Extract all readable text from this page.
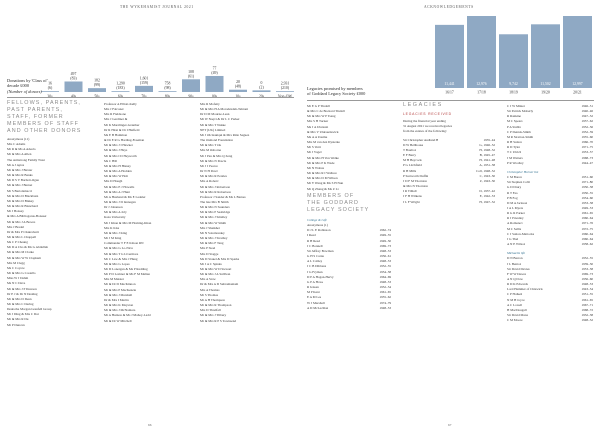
THE WYKEHAMIST JOURNAL 2021
16
(6)
30s
497
(83)
40s
182
(99)
50s
1,290
(183)
60s
1,601
(159)
70s
758
(98)
80s
108
(61)
90s
77
(49)
00s
20
(48)
10s
0
(2)
20s
2,931
(210)
Non-OW
Donations by 'Class of'
decade £000
(Number of donors)
FELLOWS, PARENTS,
PAST PARENTS,
STAFF, FORMER
MEMBERS OF STAFF
AND OTHER DONORS
Anonymous (11)
Mrs C Adams
Mr R & Ms A Adeola
Mr & Mrs A Allen
The Armstrong Family Trust
Mr A J Ayres
Mr & Mrs J Baxter
Mr & Mrs R Banks
Mr D S V Bartlett-Ogan
Mr & Mrs J Bernet
Mr S Bertolamacci
Mr & Mrs D Blackburn
Mr & Mrs D Blakey
Mr & Mrs R Blanchard
Mr J Bonsey
& Mrs A Bibliogarus-Bonaser
Mr & Mrs J A Bowes
Mrs J Bradel
Dr & Mrs P Chakrabarti
Mr & Mrs L Chappell
Ms C P Cheung
Mr D A Cho & Ms G Abdullah
Mr & Mrs M Clarke
Mr & Mrs W W Clapham
Mrs M Clegg
Ms C Coyote
Mr & Mrs G Costello
Miss W J Dahm
Ms N C Dave
Mr & Mrs J P Dawson
Dr E J & Dr N Dealing
Mr & Mrs D Dean
Mr & Mrs C Dering
Deutsche Morgan Grenfell Group
Mr J Ding & Mrs C Dai
Mr & Mrs R Du
Mr P Duncan
Professor A Elliott-Kelly
Mrs J Falconer
Mrs R Fieldsone
Mrs J Gardiner &
Mr K Marzlinger-Grauther
Dr R Hirai & Dr I Hatfield
Ms E B Hammon
& Dr E R G Harding-Freeman
Mr & Mrs J I Hawker
Mr & Mrs J Hays
Mr & Mrs I D Heyworth
Ms C Hill
Mr & Mrs H Hisnay
Mr & Mrs A Hodden
Mr & Mrs W Holt
Mrs D Hough
Mr & Mrs E J Howells
Mr & Mrs A J Hunt
Mr A Husband & Ms E Ladeler
Mr & Mrs J D Iannagan
Dr J Johanson
Mr & Mrs A Joly
Kaza University
Mr J Khan & Mrs M Homing-Khan
Mrs K Kiss
Mr & Mrs J King
Mr J M King
Commander T F E Kitson RN
Mr & Mrs G Lo-Nicu
Mr & Mrs T G Livermore
Mr C Law & Mrs J Hung
Mr & Mrs G Lopes
Mr D Lonergan & Ms P Redding
Mr P D Lomnot & Ms F M Malian
Mrs M Maister
Mr & Dr D MacKinnon
Mr & Mrs P MacKenzie
Mr & Mrs J Marshall
Dr & Mrs I Martin
Mr & Mrs K Mayston
Mr & Mrs J McNamara
Mr A Hudson & Ms J Mahoy-Ladd
Mr & Dr W Mitchell
Mrs R Mofetty
Mr & Mrs H A Moradzadeh-Tehrani
Dr D M Mourne-Lean
Mr W Naqvi & Dr L C Parker
Mr & Mrs T Nakke
NPT (UK) Limited
Mr J Olcizakiqui & Mrs Ride Saguez
The Osmond Foundation
Mr & Mrs T Ou
Mrs M Osborne
Mr J Pan & Mrs Q Zeng
Mr & Mrs N Peacle
Mr J J Pearce
Dr N H Perel
Mr & Mrs R Perales
Mrs A Roberv
Mr & Mrs J Robertson
Mr & Mrs R Robertson
Professor J Sander & Ms L Barnes
The late Mrs B Smith
Mr & Mrs N Saunders
Mr & Mrs P Seabridge
Mr & Mrs J Smalley
Mr & Mrs W Smith
Mrs J Sheikhet
Mr N Solomonaky
Mr & Mrs J Stradley
Mr & Mrs F Tang
Mrs P Steel
Mrs D Stagge
Ms D Stokel & Mrs D Sparks
Mr J A C Spinks
Mr & Mrs W D Stewart
Mr & Mrs J A Sullivan
Mrs A Stow
Dr & Mrs A D Subramaniam
Mrs A Thomas
Mr S Thomas
Mr A H Thompson
Mr & Mrs R Thompson
Mrs D Threlfall
Mr & Mrs J Tilbury
Mr & Mrs R P S Townsend
66
ACKNOWLEDGEMENTS
11,441
16/17
12,976
17/18
9,742
18/19
11,502
19/20
12,997
20/21
Legacies promised by members
of Goddard Legacy Society £000
Mr E G P Tindall
& Mrs C de Bozzard Tindall
Mr & Mrs W P Tsang
Mrs S H Tucker
Ms J A Ulutsuzi
& Mrs V Ulutsuziswick
Ms A A Usumu
Mrs M van den Dysterko
Mr S Verti
Mr J Vogel
Mr & Mrs H Von Welke
Mr & Mrs P K Wade
Mr N Wobus
Mr & Mrs R I Wallace
Mr & Mrs D M Wilson
Mr Y Wang & Ms S H Nun
Mr Q Zhang & Ms Z Li
MEMBERS OF
THE GODDARD
LEGACY SOCIETY
College & Gift
Anonymous (1)
D J L E Robinson	1962–74
I Reed	1949–55
R H Read	1949–50
J C Bonnell	1969–73
Sir Jeffrey Bowman	1948–53
G H S Carter	1956–61
A L Cobley	1948–53
J C B Dibbens	1952–55
J G Fryman	1954–58
D P A Hogan-Hervy	1964–69
G P A Howe	1948–53
R Jensen	1952–54
M P Kent	1961–65
E A M Lee	1955–62
W J Marshall	1974–79
A D McLachlan	1948–53
LEGACIES
LEGACIES RECEIVED
During the financial year ending
31 August 2021 we received legacies
from the estates of the following:
Sir Christopher Audland H	1935–44
D W Bellhouse	G, 1946–52
T Boulton	H, 1948–52
E F Berry	B, 1945–47
M H Heycock	H, 1941–48
P G Litchfield	A, 1951–58
R H Mills	Coll, 1948–52
P Surtworth Duffin	C, 1943–50
J D F M Thornton	Z, 1943–50
& Mrs N Thornton
I R Tilhall	D, 1937–42
J F H Wilkens	E, 1942–53
J L F Wright	H, 1947–52
C J W Minter	1946–51
Sir Patrick Moberly	1940–46
R Rankine	1947–52
M C Spears	1957–62
P A Stubbs	1952–56
C P Dennis-Smith	1952–59
M R Stratton-Smith	1955–60
R H Sutton	1966–70
R D Tyler	1971–75
T C Ulrich	1953–57
J M Waiters	1968–73
P R Woolley	1944–47
Christopher Horner list
C M Baron	1951–60
Sir Stephen Cobb	1971–80
G D Drury	1950–58
R T Fea	1950–55
P B Fog	1954–60
D M A Jackson	1953–58
J A L Myers	1949–53
R G R Parker	1961–65
R J Priestley	1960–64
A Romanov	1971–76
M C Sallis	1972–75
C J Sutton-Mattocks	1960–64
J G Thel	1960–64
A N E Wilson	1958–62
Michaelis life
D N Barron	1952–55
J L Benton	1939–50
Sir David Davies	1953–58
F W W Dawes	1969–73
A N Q Dow	1956–60
R D K Edwards	1948–53
Lord Hammer of Chiswick	1943–54
C P Holkett	1951–55
N M H Joyce	1961–65
A C Lowell	1967–71
H MacDougall	1968–72
Sir David Maxe	1932–38
C M Moore	1948–52
67
